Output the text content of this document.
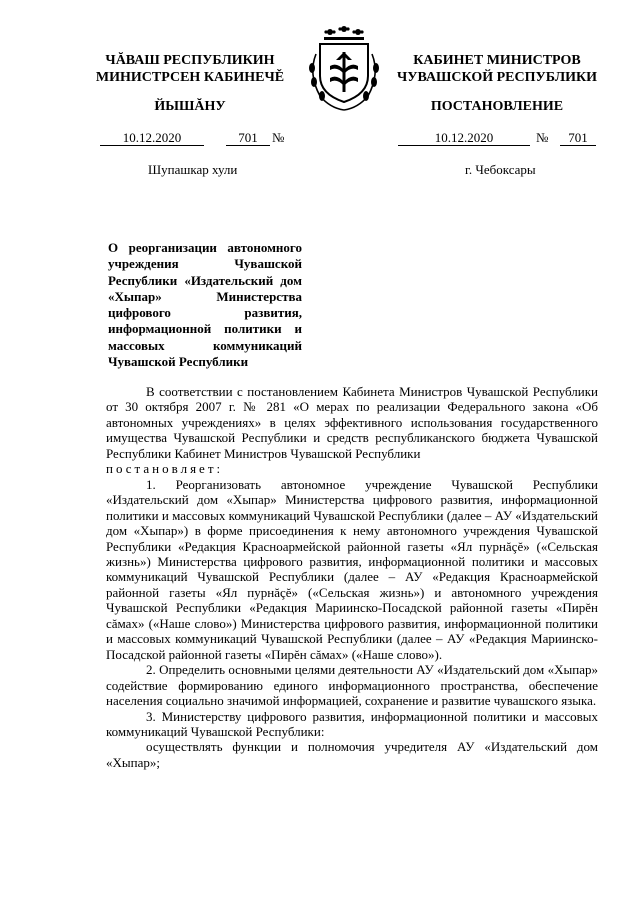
ЧĂВАШ РЕСПУБЛИКИН
МИНИСТРСЕН КАБИНЕЧĚ
ЙЫШĂНУ
КАБИНЕТ МИНИСТРОВ
ЧУВАШСКОЙ РЕСПУБЛИКИ
ПОСТАНОВЛЕНИЕ
10.12.2020	701	№	10.12.2020	№	701
Шупашкар хули	г. Чебоксары
О реорганизации автономного учреждения Чувашской Республики «Издательский дом «Хыпар» Министерства цифрового развития, информационной политики и массовых коммуникаций Чувашской Республики

В соответствии с постановлением Кабинета Министров Чувашской Республики от 30 октября 2007 г. № 281 «О мерах по реализации Федерального закона «Об автономных учреждениях» в целях эффективного использования государственного имущества Чувашской Республики и средств республиканского бюджета Чувашской Республики Кабинет Министров Чувашской Республики

постановляет:

1. Реорганизовать автономное учреждение Чувашской Республики «Издательский дом «Хыпар» Министерства цифрового развития, информационной политики и массовых коммуникаций Чувашской Республики (далее – АУ «Издательский дом «Хыпар») в форме присоединения к нему автономного учреждения Чувашской Республики «Редакция Красноармейской районной газеты «Ял пурнăçĕ» («Сельская жизнь») Министерства цифрового развития, информационной политики и массовых коммуникаций Чувашской Республики (далее – АУ «Редакция Красноармейской районной газеты «Ял пурнăçĕ» («Сельская жизнь») и автономного учреждения Чувашской Республики «Редакция Мариинско-Посадской районной газеты «Пирĕн сăмах» («Наше слово») Министерства цифрового развития, информационной политики и массовых коммуникаций Чувашской Республики (далее – АУ «Редакция Мариинско-Посадской районной газеты «Пирĕн сăмах» («Наше слово»).

2. Определить основными целями деятельности АУ «Издательский дом «Хыпар» содействие формированию единого информационного пространства, обеспечение населения социально значимой информацией, сохранение и развитие чувашского языка.

3. Министерству цифрового развития, информационной политики и массовых коммуникаций Чувашской Республики:

осуществлять функции и полномочия учредителя АУ «Издательский дом «Хыпар»;
